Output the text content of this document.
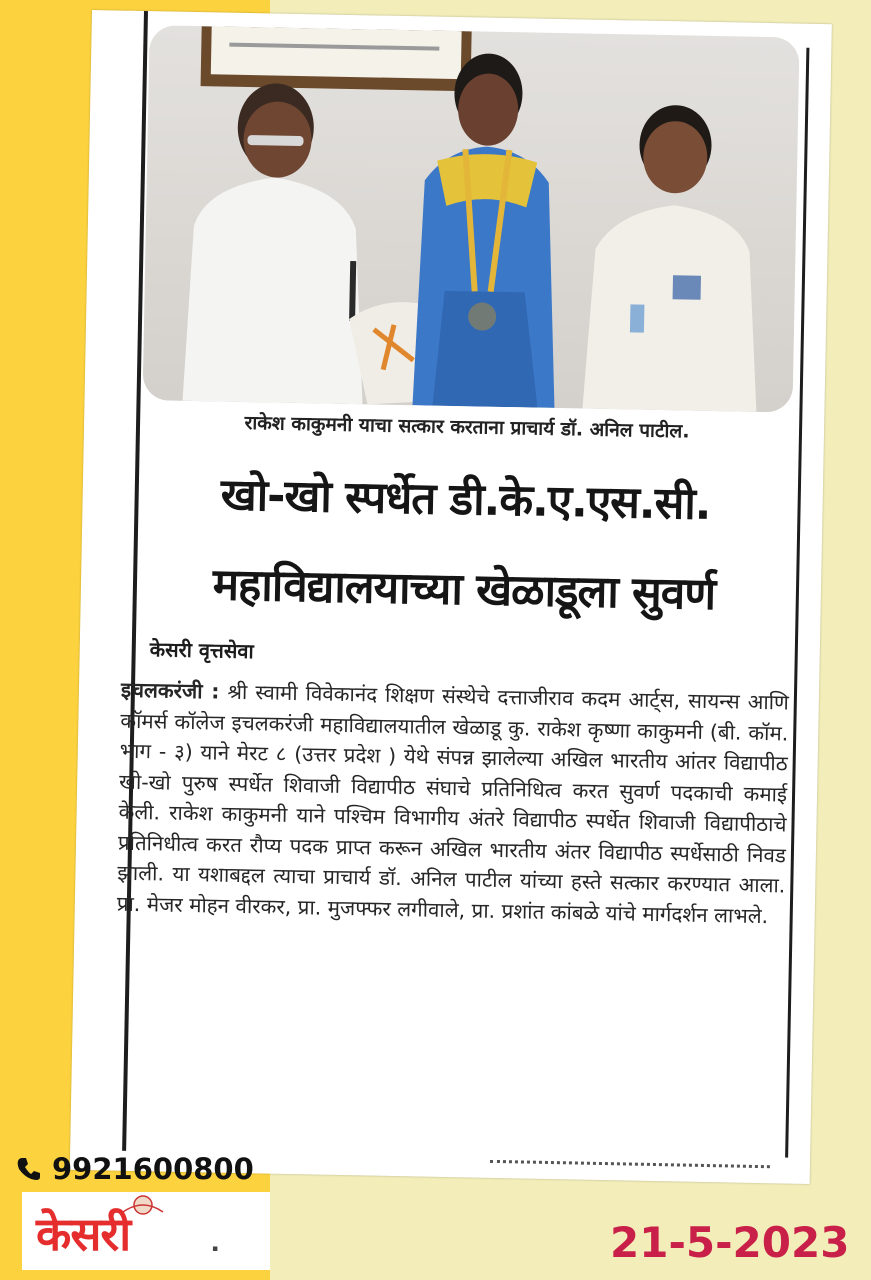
राकेश काकुमनी याचा सत्कार करताना प्राचार्य डॉ. अनिल पाटील.
खो-खो स्पर्धेत डी.के.ए.एस.सी.
महाविद्यालयाच्या खेळाडूला सुवर्ण
केसरी वृत्तसेवा
इचलकरंजी : श्री स्वामी विवेकानंद शिक्षण संस्थेचे दत्ताजीराव कदम आर्ट्स, सायन्स आणि कॉमर्स कॉलेज इचलकरंजी महाविद्यालयातील खेळाडू कु. राकेश कृष्णा काकुमनी (बी. कॉम. भाग - ३) याने मेरट ८ (उत्तर प्रदेश ) येथे संपन्न झालेल्या अखिल भारतीय आंतर विद्यापीठ खो-खो पुरुष स्पर्धेत शिवाजी विद्यापीठ संघाचे प्रतिनिधित्व करत सुवर्ण पदकाची कमाई केली. राकेश काकुमनी याने पश्चिम विभागीय अंतरे विद्यापीठ स्पर्धेत शिवाजी विद्यापीठाचे प्रतिनिधीत्व करत रौप्य पदक प्राप्त करून अखिल भारतीय अंतर विद्यापीठ स्पर्धेसाठी निवड झाली. या यशाबद्दल त्याचा प्राचार्य डॉ. अनिल पाटील यांच्या हस्ते सत्कार करण्यात आला. प्रा. मेजर मोहन वीरकर, प्रा. मुजफ्फर लगीवाले, प्रा. प्रशांत कांबळे यांचे मार्गदर्शन लाभले.
9921600800
केसरी	▪	21-5-2023
